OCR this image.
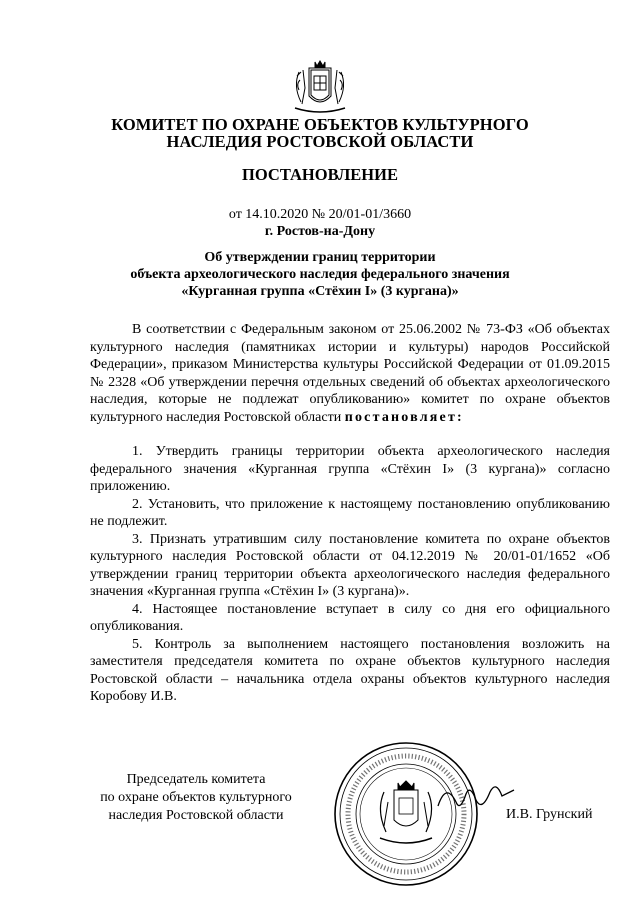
КОМИТЕТ ПО ОХРАНЕ ОБЪЕКТОВ КУЛЬТУРНОГО
НАСЛЕДИЯ РОСТОВСКОЙ ОБЛАСТИ
ПОСТАНОВЛЕНИЕ
от 14.10.2020 № 20/01-01/3660
г. Ростов-на-Дону
Об утверждении границ территории
объекта археологического наследия федерального значения
«Курганная группа «Стёхин I» (3 кургана)»

В соответствии с Федеральным законом от 25.06.2002 № 73-ФЗ «Об объектах культурного наследия (памятниках истории и культуры) народов Российской Федерации», приказом Министерства культуры Российской Федерации от 01.09.2015 № 2328 «Об утверждении перечня отдельных сведений об объектах археологического наследия, которые не подлежат опубликованию» комитет по охране объектов культурного наследия Ростовской области постановляет:

1. Утвердить границы территории объекта археологического наследия федерального значения «Курганная группа «Стёхин I» (3 кургана)» согласно приложению.

2. Установить, что приложение к настоящему постановлению опубликованию не подлежит.

3. Признать утратившим силу постановление комитета по охране объектов культурного наследия Ростовской области от 04.12.2019 № 20/01-01/1652 «Об утверждении границ территории объекта археологического наследия федерального значения «Курганная группа «Стёхин I» (3 кургана)».

4. Настоящее постановление вступает в силу со дня его официального опубликования.

5. Контроль за выполнением настоящего постановления возложить на заместителя председателя комитета по охране объектов культурного наследия Ростовской области – начальника отдела охраны объектов культурного наследия Коробову И.В.

Председатель комитета
по охране объектов культурного
наследия Ростовской области	И.В. Грунский
